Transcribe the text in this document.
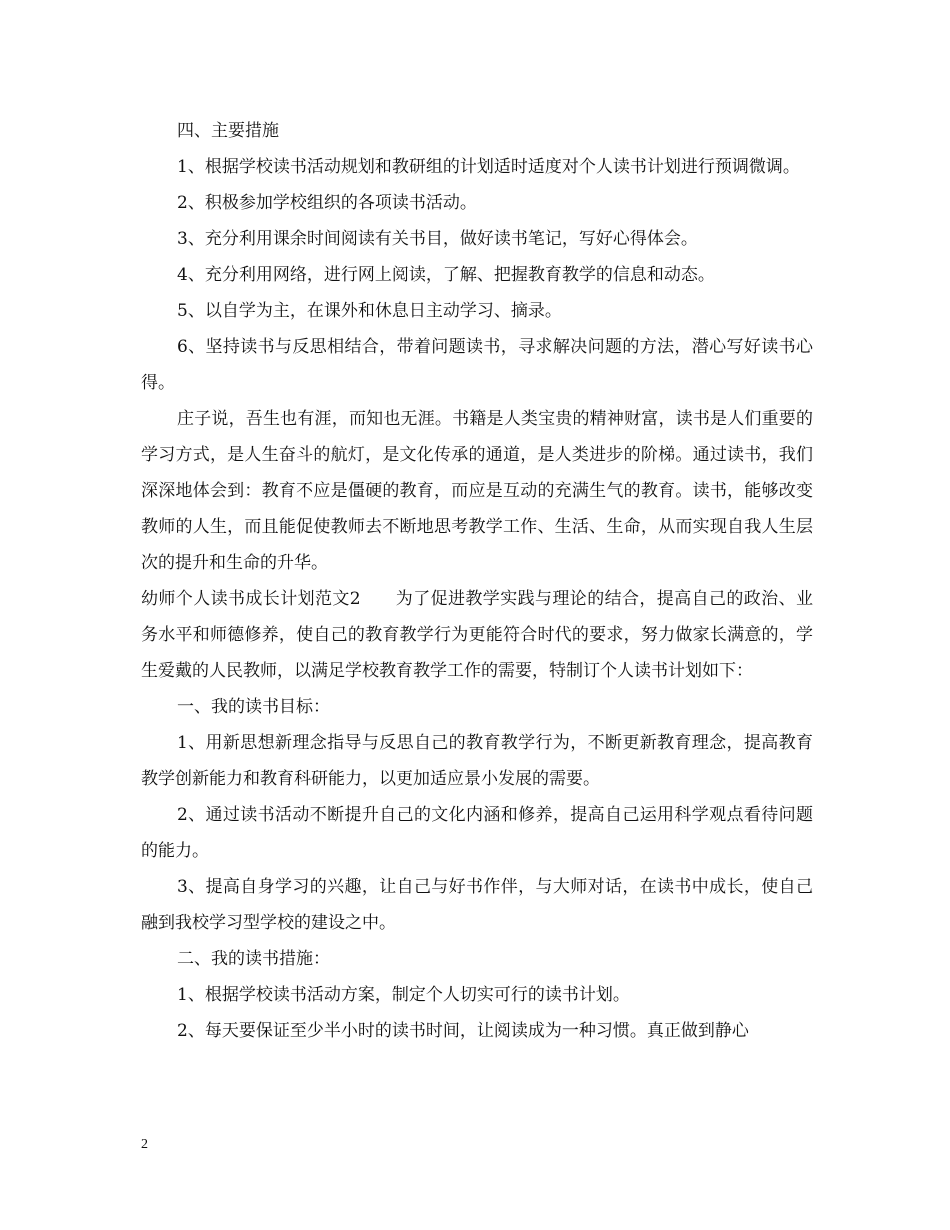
四、主要措施

1、根据学校读书活动规划和教研组的计划适时适度对个人读书计划进行预调微调。

2、积极参加学校组织的各项读书活动。

3、充分利用课余时间阅读有关书目，做好读书笔记，写好心得体会。

4、充分利用网络，进行网上阅读，了解、把握教育教学的信息和动态。

5、以自学为主，在课外和休息日主动学习、摘录。

6、坚持读书与反思相结合，带着问题读书，寻求解决问题的方法，潜心写好读书心得。

庄子说，吾生也有涯，而知也无涯。书籍是人类宝贵的精神财富，读书是人们重要的学习方式，是人生奋斗的航灯，是文化传承的通道，是人类进步的阶梯。通过读书，我们深深地体会到：教育不应是僵硬的教育，而应是互动的充满生气的教育。读书，能够改变教师的人生，而且能促使教师去不断地思考教学工作、生活、生命，从而实现自我人生层次的提升和生命的升华。

幼师个人读书成长计划范文2　　为了促进教学实践与理论的结合，提高自己的政治、业务水平和师德修养，使自己的教育教学行为更能符合时代的要求，努力做家长满意的，学生爱戴的人民教师，以满足学校教育教学工作的需要，特制订个人读书计划如下：

一、我的读书目标：

1、用新思想新理念指导与反思自己的教育教学行为，不断更新教育理念，提高教育教学创新能力和教育科研能力，以更加适应景小发展的需要。

2、通过读书活动不断提升自己的文化内涵和修养，提高自己运用科学观点看待问题的能力。

3、提高自身学习的兴趣，让自己与好书作伴，与大师对话，在读书中成长，使自己融到我校学习型学校的建设之中。

二、我的读书措施：

1、根据学校读书活动方案，制定个人切实可行的读书计划。

2、每天要保证至少半小时的读书时间，让阅读成为一种习惯。真正做到静心

2
